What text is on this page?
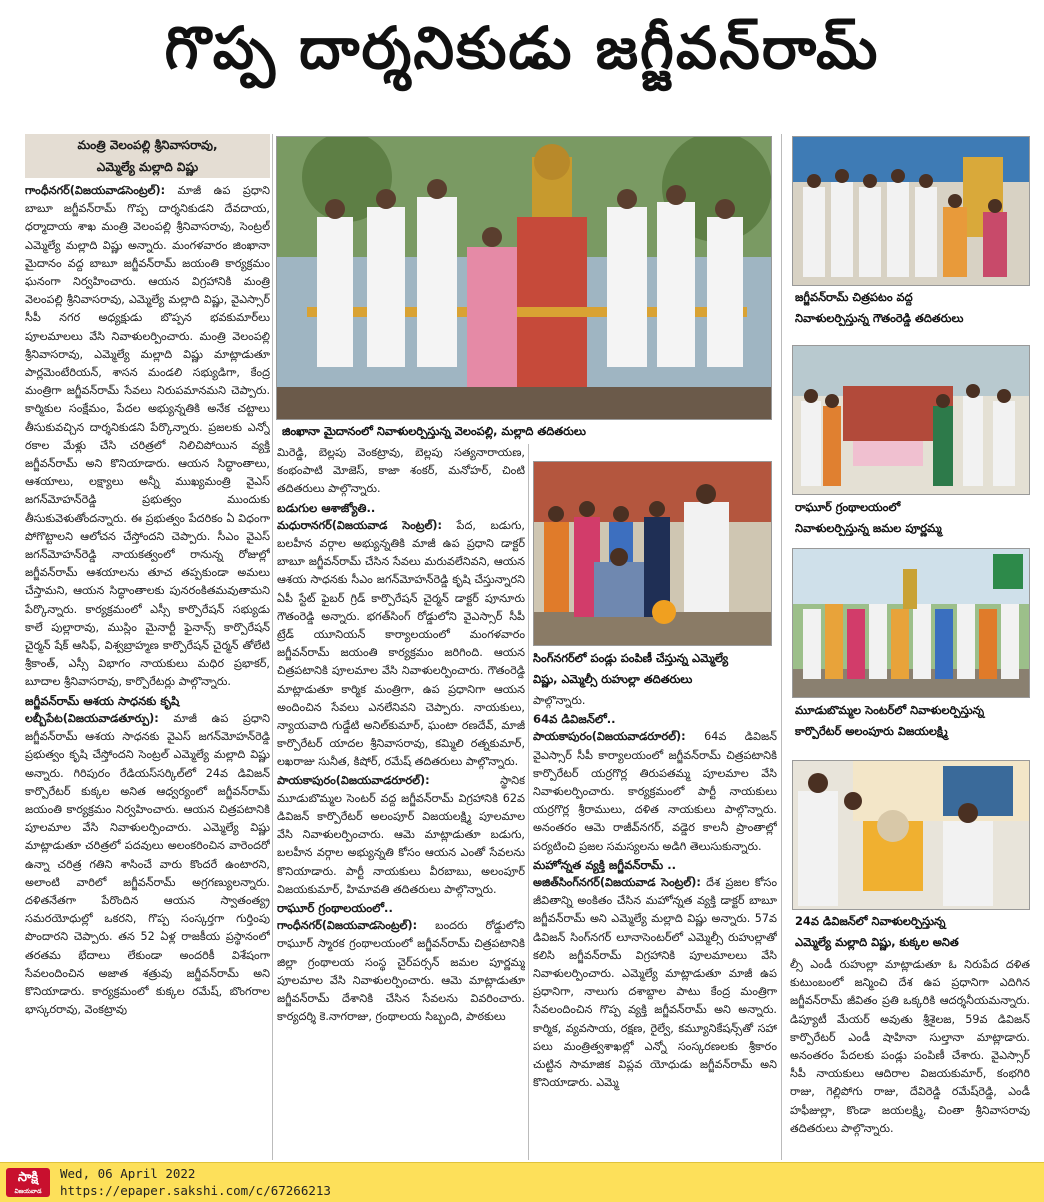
గొప్ప దార్శనికుడు జగ్జీవన్‌రామ్
మంత్రి వెలంపల్లి శ్రీనివాసరావు,
ఎమ్మెల్యే మల్లాది విష్ణు

గాంధీనగర్‌(విజయవాడసెంట్రల్‌): మాజీ ఉప ప్రధాని బాబూ జగ్జీవన్‌రామ్‌ గొప్ప దార్శనికుడని దేవదాయ, ధర్మాదాయ శాఖ మంత్రి వెలంపల్లి శ్రీనివాసరావు, సెంట్రల్‌ ఎమ్మెల్యే మల్లాది విష్ణు అన్నారు. మంగళవారం జింఖానా మైదానం వద్ద బాబూ జగ్జీవన్‌రామ్‌ జయంతి కార్యక్రమం ఘనంగా నిర్వహించారు. ఆయన విగ్రహానికి మంత్రి వెలంపల్లి శ్రీనివాసరావు, ఎమ్మెల్యే మల్లాది విష్ణు, వైఎస్సార్‌ సీపీ నగర అధ్యక్షుడు బొప్పన భవకుమార్‌లు పూలమాలలు వేసి నివాళులర్పించారు. మంత్రి వెలంపల్లి శ్రీనివాసరావు, ఎమ్మెల్యే మల్లాది విష్ణు మాట్లాడుతూ పార్లమెంటేరియన్‌, శాసన మండలి సభ్యుడిగా, కేంద్ర మంత్రిగా జగ్జీవన్‌రామ్‌ సేవలు నిరుపమానమని చెప్పారు. కార్మికుల సంక్షేమం, పేదల అభ్యున్నతికి అనేక చట్టాలు తీసుకువచ్చిన దార్శనికుడని పేర్కొన్నారు. ప్రజలకు ఎన్నో రకాల మేళ్లు చేసి చరిత్రలో నిలిచిపోయిన వ్యక్తి జగ్జీవన్‌రామ్‌ అని కొనియాడారు. ఆయన సిద్ధాంతాలు, ఆశయాలు, లక్ష్యాలు అన్నీ ముఖ్యమంత్రి వైఎస్‌ జగన్‌మోహన్‌రెడ్డి ప్రభుత్వం ముందుకు తీసుకువెళుతోందన్నారు. ఈ ప్రభుత్వం పేదరికం ఏ విధంగా పోగొట్టాలని ఆలోచన చేస్తోందని చెప్పారు. సీఎం వైఎస్‌ జగన్‌మోహన్‌రెడ్డి నాయకత్వంలో రానున్న రోజుల్లో జగ్జీవన్‌రామ్‌ ఆశయాలను తూచ తప్పకుండా అమలు చేస్తామని, ఆయన సిద్ధాంతాలకు పునరంకితమవుతామని పేర్కొన్నారు. కార్యక్రమంలో ఎస్సీ కార్పొరేషన్‌ సభ్యుడు కాలే పుల్లారావు, ముస్లిం మైనార్టీ ఫైనాన్స్‌ కార్పొరేషన్‌ చైర్మన్‌ షేక్‌ ఆసిఫ్‌, విశ్వబ్రాహ్మణ కార్పొరేషన్‌ చైర్మన్‌ తోలేటి శ్రీకాంత్‌, ఎస్సీ విభాగం నాయకులు మధిర ప్రభాకర్‌, బూదాల శ్రీనివాసరావు, కార్పొరేటర్లు పాల్గొన్నారు.

జగ్జీవన్‌రామ్‌ ఆశయ సాధనకు కృషి

లబ్బీపేట(విజయవాడతూర్పు): మాజీ ఉప ప్రధాని జగ్జీవన్‌రామ్‌ ఆశయ సాధనకు వైఎస్‌ జగన్‌మోహన్‌రెడ్డి ప్రభుత్వం కృషి చేస్తోందని సెంట్రల్‌ ఎమ్మెల్యే మల్లాది విష్ణు అన్నారు. గిరిపురం రేడియస్‌సర్కిల్‌లో 24వ డివిజన్‌ కార్పొరేటర్‌ కుక్కల అనిత ఆధ్వర్యంలో జగ్జీవన్‌రామ్‌ జయంతి కార్యక్రమం నిర్వహించారు. ఆయన చిత్రపటానికి పూలమాల వేసి నివాళులర్పించారు. ఎమ్మెల్యే విష్ణు మాట్లాడుతూ చరిత్రలో పదవులు అలంకరించిన వారెందరో ఉన్నా చరిత్ర గతిని శాసించే వారు కొందరే ఉంటారని, అలాంటి వారిలో జగ్జీవన్‌రామ్‌ అగ్రగణ్యులన్నారు. దళితనేతగా పేరొందిన ఆయన స్వాతంత్య్ర సమరయోధుల్లో ఒకరని, గొప్ప సంస్కర్తగా గుర్తింపు పొందారని చెప్పారు. తన 52 ఏళ్ల రాజకీయ ప్రస్థానంలో తరతమ భేదాలు లేకుండా అందరికీ విశేషంగా సేవలందించిన అజాత శత్రువు జగ్జీవన్‌రామ్‌ అని కొనియాడారు. కార్యక్రమంలో కుక్కల రమేష్‌, బొంగరాల భాస్కరరావు, వెంకట్రావు

జింఖానా మైదానంలో నివాళులర్పిస్తున్న వెలంపల్లి, మల్లాది తదితరులు

మిరెడ్డి, బెల్లపు వెంకట్రావు, బెల్లపు సత్యనారాయణ, కంభంపాటి మోజెస్‌, కాజా శంకర్‌, మనోహర్‌, చింటి తదితరులు పాల్గొన్నారు.

బడుగుల ఆశాజ్యోతి..

మధురానగర్‌(విజయవాడ సెంట్రల్‌): పేద, బడుగు, బలహీన వర్గాల అభ్యున్నతికి మాజీ ఉప ప్రధాని డాక్టర్‌ బాబూ జగ్జీవన్‌రామ్‌ చేసిన సేవలు మరువలేనివని, ఆయన ఆశయ సాధనకు సీఎం జగన్‌మోహన్‌రెడ్డి కృషి చేస్తున్నారని ఏపీ స్టేట్‌ ఫైబర్‌ గ్రిడ్‌ కార్పొరేషన్‌ చైర్మన్‌ డాక్టర్‌ పూనూరు గౌతంరెడ్డి అన్నారు. భగత్‌సింగ్‌ రోడ్డులోని వైఎస్సార్‌ సీపీ ట్రేడ్‌ యూనియన్‌ కార్యాలయంలో మంగళవారం జగ్జీవన్‌రామ్‌ జయంతి కార్యక్రమం జరిగింది. ఆయన చిత్రపటానికి పూలమాల వేసి నివాళులర్పించారు. గౌతంరెడ్డి మాట్లాడుతూ కార్మిక మంత్రిగా, ఉప ప్రధానిగా ఆయన అందించిన సేవలు ఎనలేనివని చెప్పారు. నాయకులు, న్యాయవాది గుడ్డేటి అనిల్‌కుమార్‌, ఘంటా రణదేవ్‌, మాజీ కార్పొరేటర్‌ యాదల శ్రీనివాసరావు, కమ్మిలి రత్నకుమార్‌, లఖరాజు సునీత, కిషోర్‌, రమేష్‌ తదితరులు పాల్గొన్నారు.

పాయకాపురం(విజయవాడరూరల్‌):	స్థానిక మూడుబొమ్మల సెంటర్‌ వద్ద జగ్జీవన్‌రామ్‌ విగ్రహానికి 62వ డివిజన్‌ కార్పొరేటర్‌ అలంపూర్‌ విజయలక్ష్మి పూలమాల వేసి నివాళులర్పించారు. ఆమె మాట్లాడుతూ బడుగు, బలహీన వర్గాల అభ్యున్నతి కోసం ఆయన ఎంతో సేవలను కొనియాడారు. పార్టీ నాయకులు వీరబాబు, అలంపూర్‌ విజయకుమార్‌, హిమావతి తదితరులు పాల్గొన్నారు.

రాఘూర్‌ గ్రంథాలయంలో..

గాంధీనగర్‌(విజయవాడసెంట్రల్‌): బందరు రోడ్డులోని రాఘూర్‌ స్మారక గ్రంథాలయంలో జగ్జీవన్‌రామ్‌ చిత్రపటానికి జిల్లా గ్రంథాలయ సంస్థ చైర్‌పర్సన్‌ జమల పూర్ణమ్మ పూలమాల వేసి నివాళులర్పించారు. ఆమె మాట్లాడుతూ జగ్జీవన్‌రామ్‌ దేశానికి చేసిన సేవలను వివరించారు. కార్యదర్శి కె.నాగరాజు, గ్రంథాలయ సిబ్బంది, పాఠకులు

సింగ్‌నగర్‌లో పండ్లు పంపిణీ చేస్తున్న ఎమ్మెల్యే
విష్ణు, ఎమ్మెల్సీ రుహుల్లా తదితరులు

పాల్గొన్నారు.

64వ డివిజన్‌లో..

పాయకాపురం(విజయవాడరూరల్‌): 64వ డివిజన్‌ వైఎస్సార్‌ సీపీ కార్యాలయంలో జగ్జీవన్‌రామ్‌ చిత్రపటానికి కార్పొరేటర్‌ యర్రగొర్ల తిరుపతమ్మ పూలమాల వేసి నివాళులర్పించారు. కార్యక్రమంలో పార్టీ నాయకులు యర్రగొర్ల శ్రీరాములు, దళిత నాయకులు పాల్గొన్నారు. అనంతరం ఆమె రాజీవ్‌నగర్‌, వడ్డెర కాలనీ ప్రాంతాల్లో పర్యటించి ప్రజల సమస్యలను అడిగి తెలుసుకున్నారు.

మహోన్నత వ్యక్తి జగ్జీవన్‌రామ్‌ ..

అజిత్‌సింగ్‌నగర్‌(విజయవాడ సెంట్రల్‌): దేశ ప్రజల కోసం జీవితాన్ని అంకితం చేసిన మహోన్నత వ్యక్తి డాక్టర్‌ బాబూ జగ్జీవన్‌రామ్‌ అని ఎమ్మెల్యే మల్లాది విష్ణు అన్నారు. 57వ డివిజన్‌ సింగ్‌నగర్‌ లూనాసెంటర్‌లో ఎమ్మెల్సీ రుహుల్లాతో కలిసి జగ్జీవన్‌రామ్‌ విగ్రహానికి పూలమాలలు వేసి నివాళులర్పించారు. ఎమ్మెల్యే మాట్లాడుతూ మాజీ ఉప ప్రధానిగా, నాలుగు దశాబ్దాల పాటు కేంద్ర మంత్రిగా సేవలందించిన గొప్ప వ్యక్తి జగ్జీవన్‌రామ్‌ అని అన్నారు. కార్మిక, వ్యవసాయ, రక్షణ, రైల్వే, కమ్యూనికేషన్స్‌తో సహా పలు మంత్రిత్వశాఖల్లో ఎన్నో సంస్కరణలకు శ్రీకారం చుట్టిన సామాజిక విప్లవ యోధుడు జగ్జీవన్‌రామ్‌ అని కొనియాడారు. ఎమ్మె

జగ్జీవన్‌రామ్‌ చిత్రపటం వద్ద
నివాళులర్పిస్తున్న గౌతంరెడ్డి తదితరులు
రాఘూర్‌ గ్రంథాలయంలో
నివాళులర్పిస్తున్న జమల పూర్ణమ్మ
మూడుబొమ్మల సెంటర్‌లో నివాళులర్పిస్తున్న
కార్పొరేటర్‌ అలంపూరు విజయలక్ష్మి
24వ డివిజన్‌లో నివాళులర్పిస్తున్న
ఎమ్మెల్యే మల్లాది విష్ణు, కుక్కల అనిత

ల్సీ ఎండీ రుహుల్లా మాట్లాడుతూ ఓ నిరుపేద దళిత కుటుంబంలో జన్మించి దేశ ఉప ప్రధానిగా ఎదిగిన జగ్జీవన్‌రామ్‌ జీవితం ప్రతి ఒక్కరికి ఆదర్శనీయమన్నారు. డిప్యూటీ మేయర్‌ అవుతు శ్రీశైలజ, 59వ డివిజన్‌ కార్పొరేటర్‌ ఎండీ షాహినా సుల్తానా మాట్లాడారు. అనంతరం పేదలకు పండ్లు పంపిణీ చేశారు. వైఎస్సార్‌ సీపీ నాయకులు ఆదిరాల విజయకుమార్‌, కంభగిరి రాజు, గెల్లిపోగు రాజు, దేవిరెడ్డి రమేష్‌రెడ్డి, ఎండీ హఫీజుల్లా, కొండా జయలక్ష్మి, చింతా శ్రీనివాసరావు తదితరులు పాల్గొన్నారు.

సాక్షి
విజయవాడ
Wed, 06 April 2022
https://epaper.sakshi.com/c/67266213
